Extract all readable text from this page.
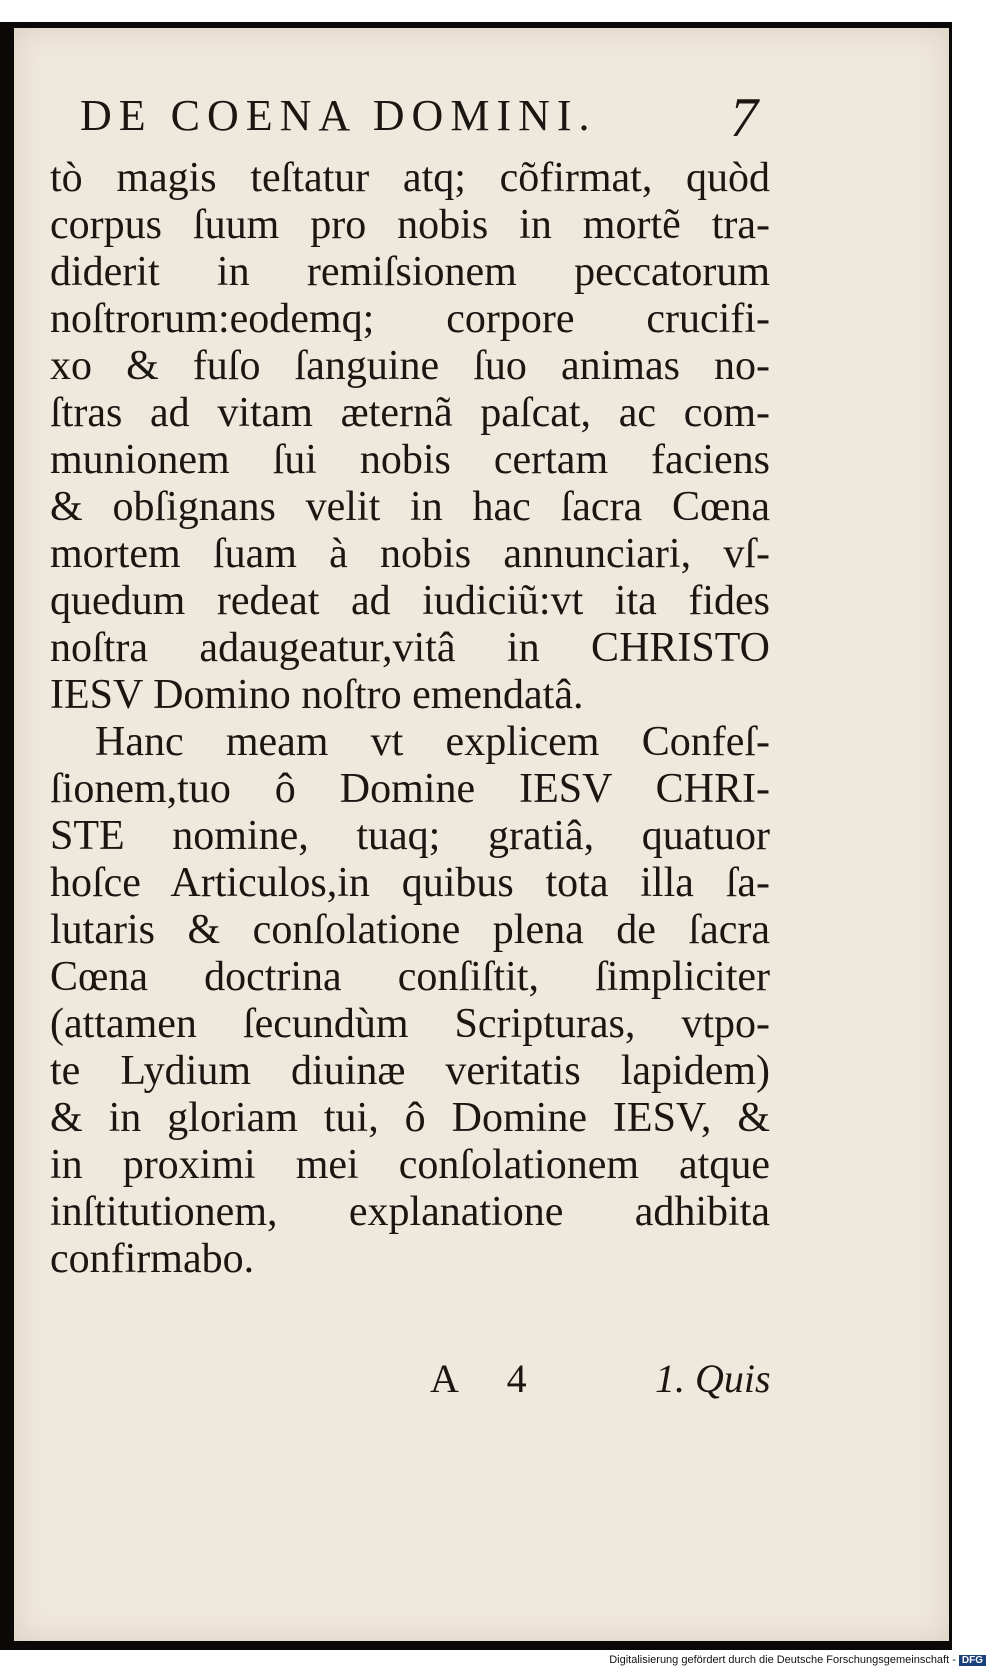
DE COENA DOMINI. 7
tò magis teſtatur atq; cõfirmat, quòd
corpus ſuum pro nobis in mortẽ tra-
diderit in remiſsionem peccatorum
noſtrorum:eodemq; corpore crucifi-
xo & fuſo ſanguine ſuo animas no-
ſtras ad vitam æternã paſcat, ac com-
munionem ſui nobis certam faciens
& obſignans velit in hac ſacra Cœna
mortem ſuam à nobis annunciari, vſ-
quedum redeat ad iudiciũ:vt ita fides
noſtra adaugeatur,vitâ in CHRISTO
IESV Domino noſtro emendatâ.
Hanc meam vt explicem Confeſ-
ſionem,tuo ô Domine IESV CHRI-
STE nomine, tuaq; gratiâ, quatuor
hoſce Articulos,in quibus tota illa ſa-
lutaris & conſolatione plena de ſacra
Cœna doctrina conſiſtit, ſimpliciter
(attamen ſecundùm Scripturas, vtpo-
te Lydium diuinæ veritatis lapidem)
& in gloriam tui, ô Domine IESV, &
in proximi mei conſolationem atque
inſtitutionem, explanatione adhibita
confirmabo.
A 4	1. Quis
Digitalisierung gefördert durch die Deutsche Forschungsgemeinschaft - DFG
